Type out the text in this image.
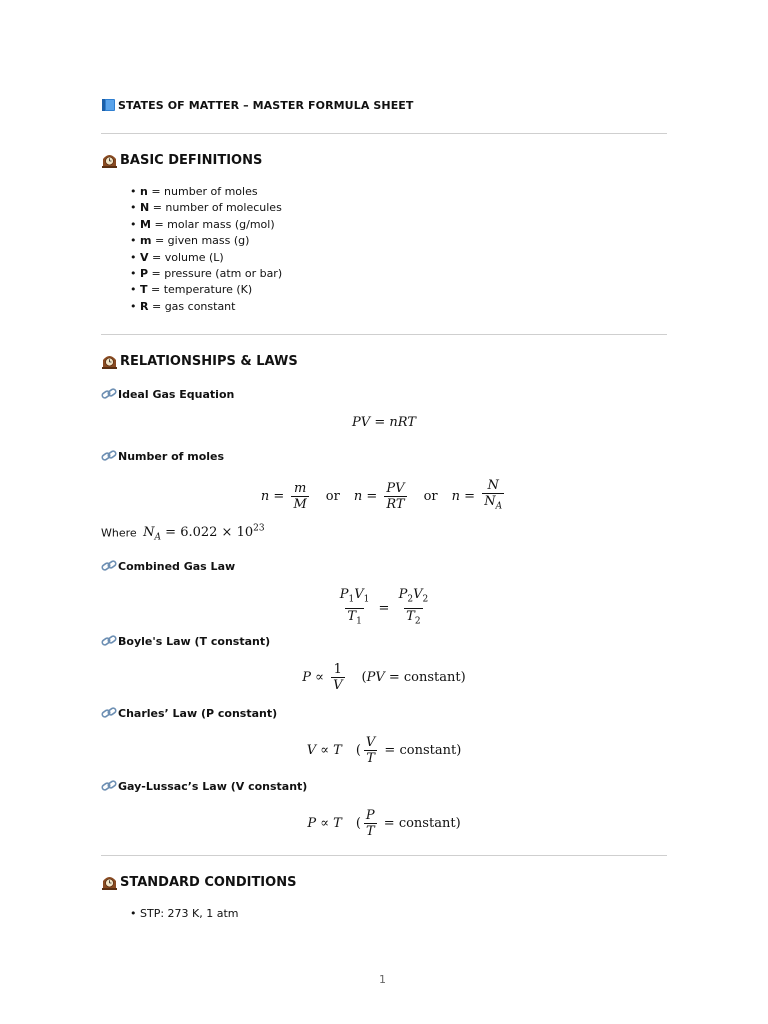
STATES OF MATTER – MASTER FORMULA SHEET
BASIC DEFINITIONS
• n = number of moles
• N = number of molecules
• M = molar mass (g/mol)
• m = given mass (g)
• V = volume (L)
• P = pressure (atm or bar)
• T = temperature (K)
• R = gas constant
RELATIONSHIPS & LAWS
Ideal Gas Equation
PV = nRT
Number of moles
$n = \frac{m}{M}$ or $n = \frac{PV}{RT}$ or $n = \frac{N}{N_A}$
Where $N_A = 6.022 \times 10^{23}$
Combined Gas Law
$\frac{P_1V_1}{T_1} = \frac{P_2V_2}{T_2}$
Boyle's Law (T constant)
$P \propto \frac{1}{V}$ ( PV = constant )
Charles’ Law (P constant)
V ∝ T ( $\frac{V}{T}$ = constant )
Gay-Lussac’s Law (V constant)
P ∝ T ( $\frac{P}{T}$ = constant )
STANDARD CONDITIONS
• STP: 273 K, 1 atm
1
